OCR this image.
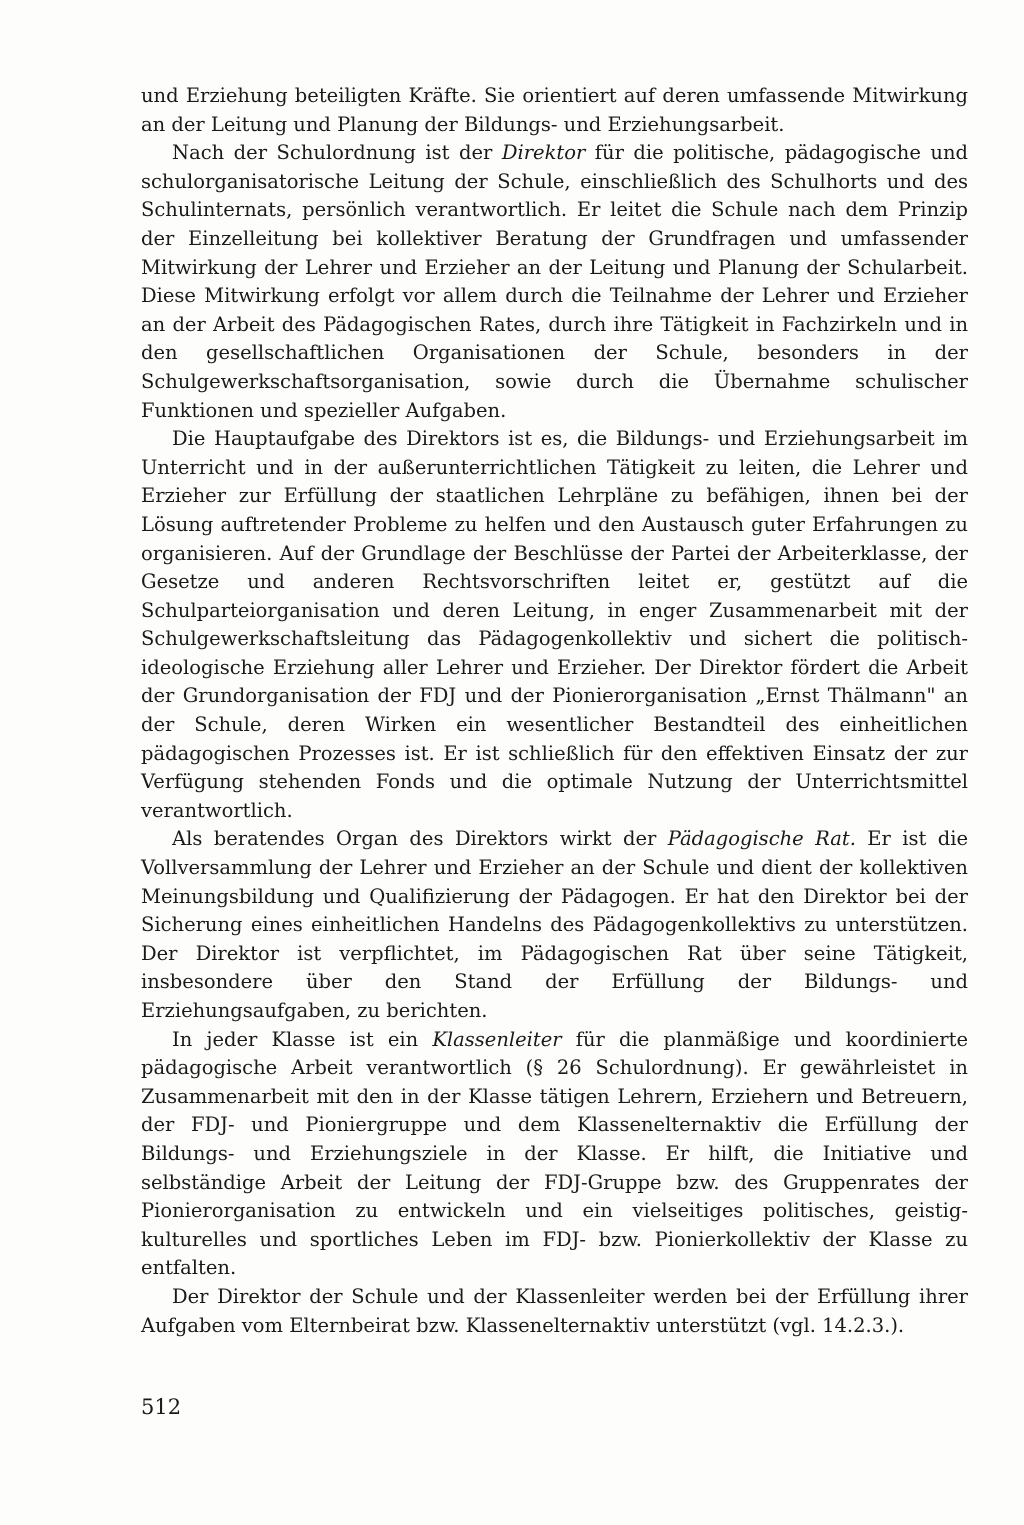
und Erziehung beteiligten Kräfte. Sie orientiert auf deren umfassende Mitwirkung an der Leitung und Planung der Bildungs- und Erziehungsarbeit.

Nach der Schulordnung ist der Direktor für die politische, pädagogische und schulorganisatorische Leitung der Schule, einschließlich des Schulhorts und des Schulinternats, persönlich verantwortlich. Er leitet die Schule nach dem Prinzip der Einzelleitung bei kollektiver Beratung der Grundfragen und umfassender Mitwirkung der Lehrer und Erzieher an der Leitung und Planung der Schularbeit. Diese Mitwirkung erfolgt vor allem durch die Teilnahme der Lehrer und Erzieher an der Arbeit des Pädagogischen Rates, durch ihre Tätigkeit in Fachzirkeln und in den gesellschaftlichen Organisationen der Schule, besonders in der Schulgewerkschaftsorganisation, sowie durch die Übernahme schulischer Funktionen und spezieller Aufgaben.

Die Hauptaufgabe des Direktors ist es, die Bildungs- und Erziehungsarbeit im Unterricht und in der außerunterrichtlichen Tätigkeit zu leiten, die Lehrer und Erzieher zur Erfüllung der staatlichen Lehrpläne zu befähigen, ihnen bei der Lösung auftretender Probleme zu helfen und den Austausch guter Erfahrungen zu organisieren. Auf der Grundlage der Beschlüsse der Partei der Arbeiterklasse, der Gesetze und anderen Rechtsvorschriften leitet er, gestützt auf die Schulparteiorganisation und deren Leitung, in enger Zusammenarbeit mit der Schulgewerkschaftsleitung das Pädagogenkollektiv und sichert die politisch-ideologische Erziehung aller Lehrer und Erzieher. Der Direktor fördert die Arbeit der Grundorganisation der FDJ und der Pionierorganisation „Ernst Thälmann" an der Schule, deren Wirken ein wesentlicher Bestandteil des einheitlichen pädagogischen Prozesses ist. Er ist schließlich für den effektiven Einsatz der zur Verfügung stehenden Fonds und die optimale Nutzung der Unterrichtsmittel verantwortlich.

Als beratendes Organ des Direktors wirkt der Pädagogische Rat. Er ist die Vollversammlung der Lehrer und Erzieher an der Schule und dient der kollektiven Meinungsbildung und Qualifizierung der Pädagogen. Er hat den Direktor bei der Sicherung eines einheitlichen Handelns des Pädagogenkollektivs zu unterstützen. Der Direktor ist verpflichtet, im Pädagogischen Rat über seine Tätigkeit, insbesondere über den Stand der Erfüllung der Bildungs- und Erziehungsaufgaben, zu berichten.

In jeder Klasse ist ein Klassenleiter für die planmäßige und koordinierte pädagogische Arbeit verantwortlich (§ 26 Schulordnung). Er gewährleistet in Zusammenarbeit mit den in der Klasse tätigen Lehrern, Erziehern und Betreuern, der FDJ- und Pioniergruppe und dem Klassenelternaktiv die Erfüllung der Bildungs- und Erziehungsziele in der Klasse. Er hilft, die Initiative und selbständige Arbeit der Leitung der FDJ-Gruppe bzw. des Gruppenrates der Pionierorganisation zu entwickeln und ein vielseitiges politisches, geistig-kulturelles und sportliches Leben im FDJ- bzw. Pionierkollektiv der Klasse zu entfalten.

Der Direktor der Schule und der Klassenleiter werden bei der Erfüllung ihrer Aufgaben vom Elternbeirat bzw. Klassenelternaktiv unterstützt (vgl. 14.2.3.).

512
